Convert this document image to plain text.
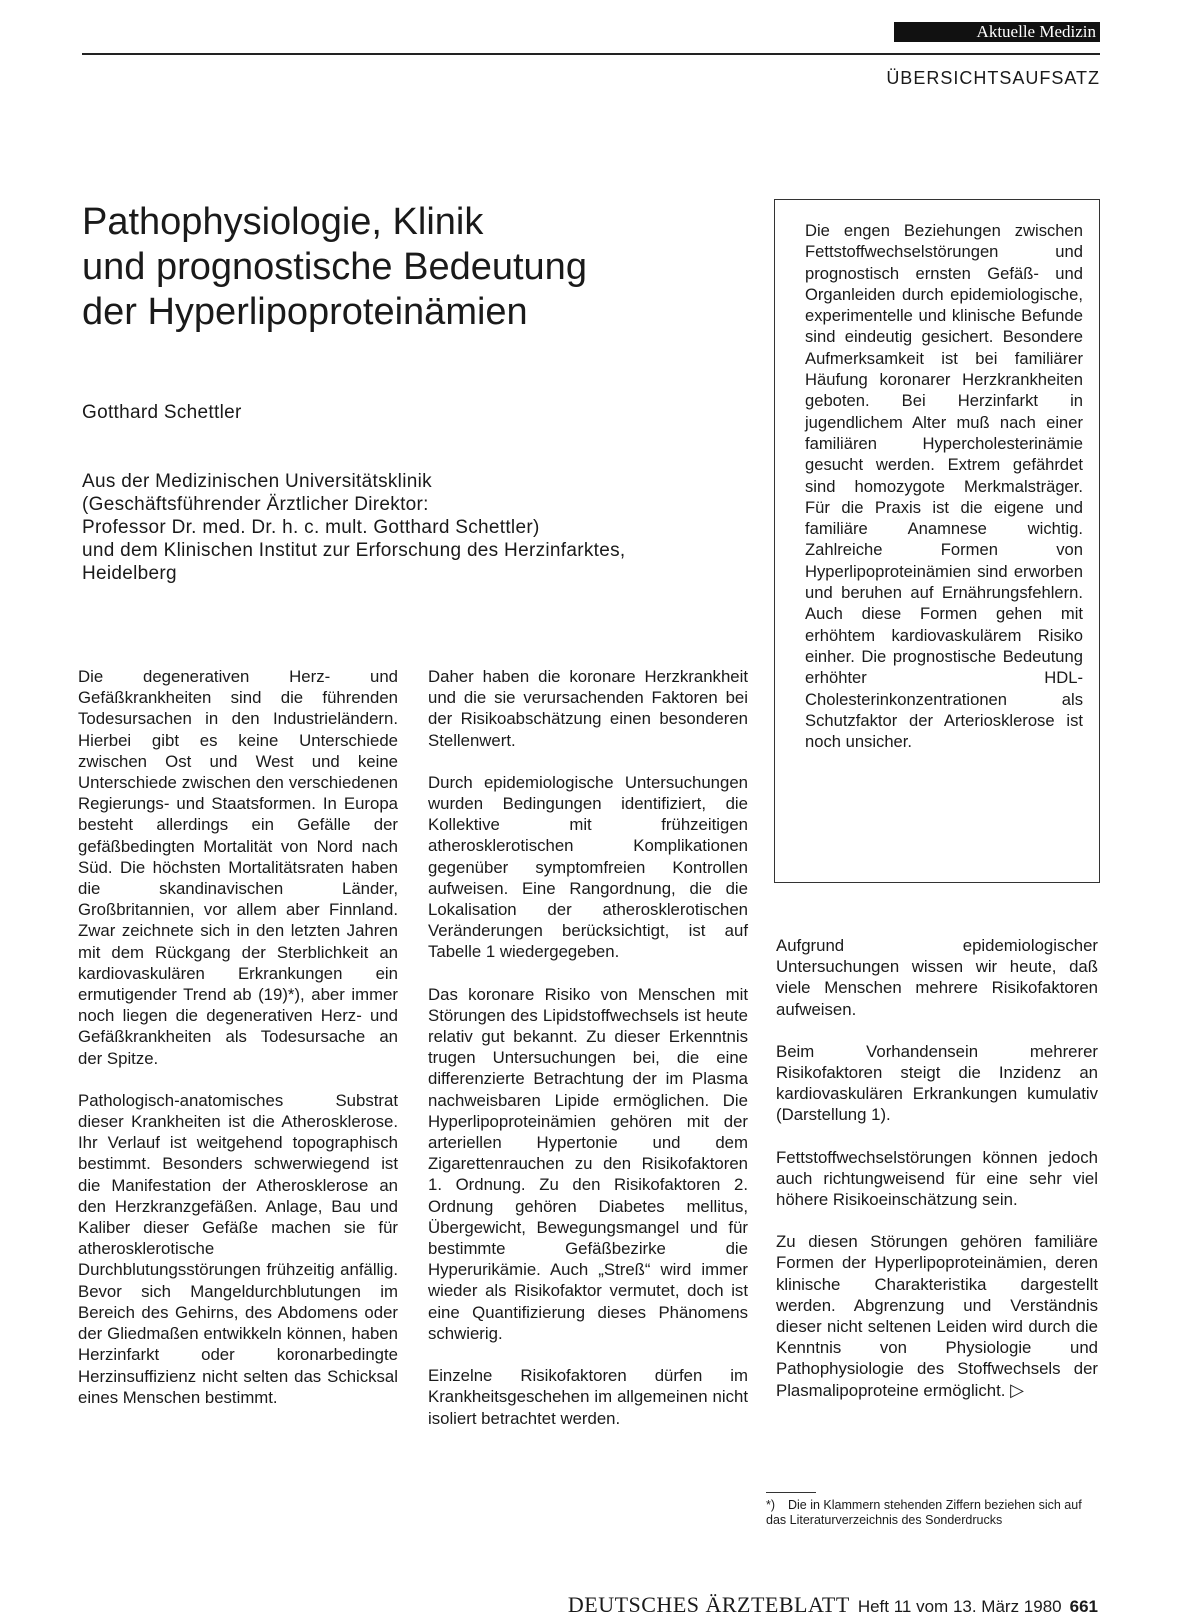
Aktuelle Medizin
ÜBERSICHTSAUFSATZ
Pathophysiologie, Klinik
und prognostische Bedeutung
der Hyperlipoproteinämien
Gotthard Schettler
Aus der Medizinischen Universitätsklinik
(Geschäftsführender Ärztlicher Direktor:
Professor Dr. med. Dr. h. c. mult. Gotthard Schettler)
und dem Klinischen Institut zur Erforschung des Herzinfarktes,
Heidelberg
Die engen Beziehungen zwischen Fettstoffwechselstörungen und prognostisch ernsten Gefäß- und Organleiden durch epidemiologische, experimentelle und klinische Befunde sind eindeutig gesichert. Besondere Aufmerksamkeit ist bei familiärer Häufung koronarer Herzkrankheiten geboten. Bei Herzinfarkt in jugendlichem Alter muß nach einer familiären Hypercholesterinämie gesucht werden. Extrem gefährdet sind homozygote Merkmalsträger. Für die Praxis ist die eigene und familiäre Anamnese wichtig. Zahlreiche Formen von Hyperlipoproteinämien sind erworben und beruhen auf Ernährungsfehlern. Auch diese Formen gehen mit erhöhtem kardiovaskulärem Risiko einher. Die prognostische Bedeutung erhöhter HDL-Cholesterinkonzentrationen als Schutzfaktor der Arteriosklerose ist noch unsicher.

Die degenerativen Herz- und Gefäßkrankheiten sind die führenden Todesursachen in den Industrieländern. Hierbei gibt es keine Unterschiede zwischen Ost und West und keine Unterschiede zwischen den verschiedenen Regierungs- und Staatsformen. In Europa besteht allerdings ein Gefälle der gefäßbedingten Mortalität von Nord nach Süd. Die höchsten Mortalitätsraten haben die skandinavischen Länder, Großbritannien, vor allem aber Finnland. Zwar zeichnete sich in den letzten Jahren mit dem Rückgang der Sterblichkeit an kardiovaskulären Erkrankungen ein ermutigender Trend ab (19)*), aber immer noch liegen die degenerativen Herz- und Gefäßkrankheiten als Todesursache an der Spitze.

Pathologisch-anatomisches Substrat dieser Krankheiten ist die Atherosklerose. Ihr Verlauf ist weitgehend topographisch bestimmt. Besonders schwerwiegend ist die Manifestation der Atherosklerose an den Herzkranzgefäßen. Anlage, Bau und Kaliber dieser Gefäße machen sie für atherosklerotische Durchblutungsstörungen frühzeitig anfällig. Bevor sich Mangeldurchblutungen im Bereich des Gehirns, des Abdomens oder der Gliedmaßen entwikkeln können, haben Herzinfarkt oder koronarbedingte Herzinsuffizienz nicht selten das Schicksal eines Menschen bestimmt.

Daher haben die koronare Herzkrankheit und die sie verursachenden Faktoren bei der Risikoabschätzung einen besonderen Stellenwert.

Durch epidemiologische Untersuchungen wurden Bedingungen identifiziert, die Kollektive mit frühzeitigen atherosklerotischen Komplikationen gegenüber symptomfreien Kontrollen aufweisen. Eine Rangordnung, die die Lokalisation der atherosklerotischen Veränderungen berücksichtigt, ist auf Tabelle 1 wiedergegeben.

Das koronare Risiko von Menschen mit Störungen des Lipidstoffwechsels ist heute relativ gut bekannt. Zu dieser Erkenntnis trugen Untersuchungen bei, die eine differenzierte Betrachtung der im Plasma nachweisbaren Lipide ermöglichen. Die Hyperlipoproteinämien gehören mit der arteriellen Hypertonie und dem Zigarettenrauchen zu den Risikofaktoren 1. Ordnung. Zu den Risikofaktoren 2. Ordnung gehören Diabetes mellitus, Übergewicht, Bewegungsmangel und für bestimmte Gefäßbezirke die Hyperurikämie. Auch „Streß“ wird immer wieder als Risikofaktor vermutet, doch ist eine Quantifizierung dieses Phänomens schwierig.

Einzelne Risikofaktoren dürfen im Krankheitsgeschehen im allgemeinen nicht isoliert betrachtet werden.

Aufgrund epidemiologischer Untersuchungen wissen wir heute, daß viele Menschen mehrere Risikofaktoren aufweisen.

Beim Vorhandensein mehrerer Risikofaktoren steigt die Inzidenz an kardiovaskulären Erkrankungen kumulativ (Darstellung 1).

Fettstoffwechselstörungen können jedoch auch richtungweisend für eine sehr viel höhere Risikoeinschätzung sein.

Zu diesen Störungen gehören familiäre Formen der Hyperlipoproteinämien, deren klinische Charakteristika dargestellt werden. Abgrenzung und Verständnis dieser nicht seltenen Leiden wird durch die Kenntnis von Physiologie und Pathophysiologie des Stoffwechsels der Plasmalipoproteine ermöglicht. ▷

*) Die in Klammern stehenden Ziffern beziehen sich auf das Literaturverzeichnis des Sonderdrucks
DEUTSCHES ÄRZTEBLATT Heft 11 vom 13. März 1980 661
